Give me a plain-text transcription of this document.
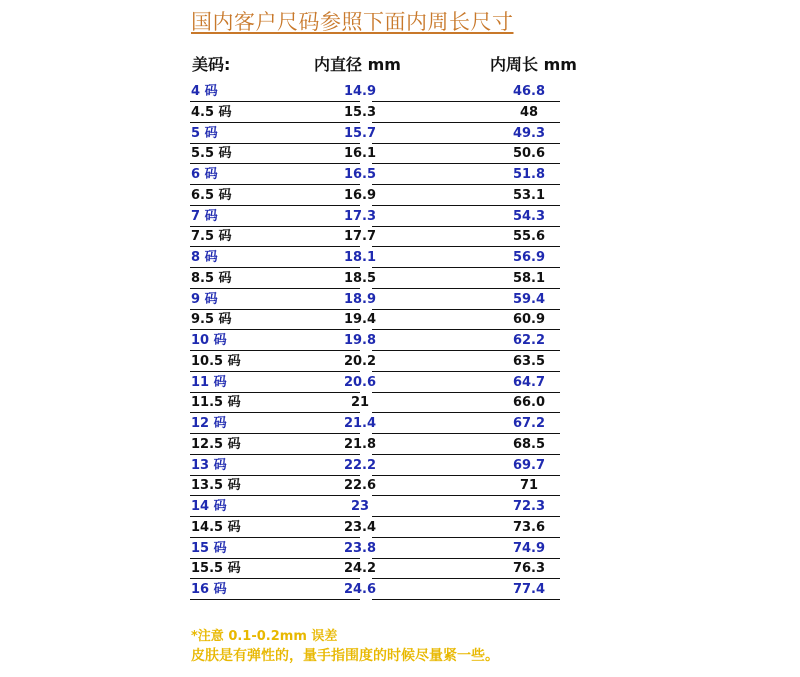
国内客户尺码参照下面内周长尺寸
美码:	内直径 mm	内周长 mm
4 码	14.9	46.8
4.5 码	15.3	48
5 码	15.7	49.3
5.5 码	16.1	50.6
6 码	16.5	51.8
6.5 码	16.9	53.1
7 码	17.3	54.3
7.5 码	17.7	55.6
8 码	18.1	56.9
8.5 码	18.5	58.1
9 码	18.9	59.4
9.5 码	19.4	60.9
10 码	19.8	62.2
10.5 码	20.2	63.5
11 码	20.6	64.7
11.5 码	21	66.0
12 码	21.4	67.2
12.5 码	21.8	68.5
13 码	22.2	69.7
13.5 码	22.6	71
14 码	23	72.3
14.5 码	23.4	73.6
15 码	23.8	74.9
15.5 码	24.2	76.3
16 码	24.6	77.4
*注意 0.1-0.2mm 误差
皮肤是有弹性的，量手指围度的时候尽量紧一些。
